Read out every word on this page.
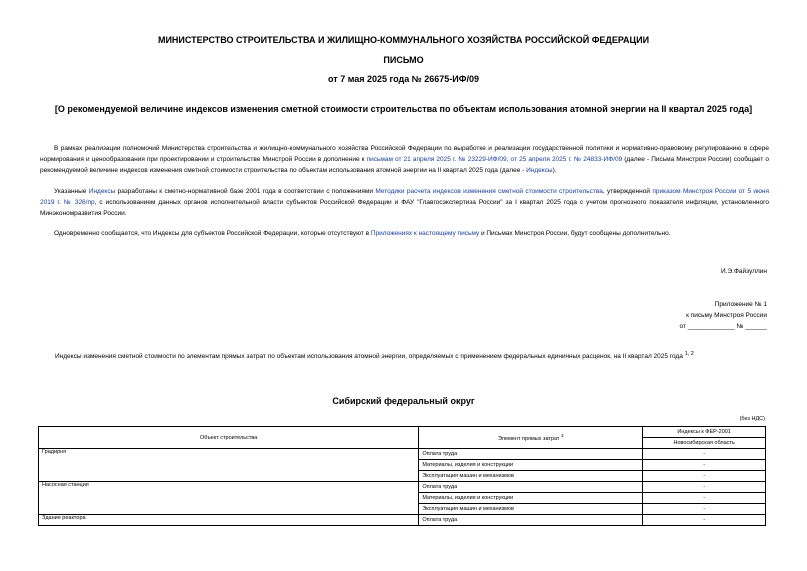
МИНИСТЕРСТВО СТРОИТЕЛЬСТВА И ЖИЛИЩНО-КОММУНАЛЬНОГО ХОЗЯЙСТВА РОССИЙСКОЙ ФЕДЕРАЦИИ
ПИСЬМО
от 7 мая 2025 года № 26675-ИФ/09
[О рекомендуемой величине индексов изменения сметной стоимости строительства по объектам использования атомной энергии на II квартал 2025 года]
В рамках реализации полномочий Министерства строительства и жилищно-коммунального хозяйства Российской Федерации по выработке и реализации государственной политики и нормативно-правовому регулированию в сфере нормирования и ценообразования при проектировании и строительстве Минстрой России в дополнение к письмам от 21 апреля 2025 г. № 23229-ИФ/09, от 25 апреля 2025 г. № 24833-ИФ/09 (далее - Письма Минстроя России) сообщает о рекомендуемой величине индексов изменения сметной стоимости строительства по объектам использования атомной энергии на II квартал 2025 года (далее - Индексы).
Указанные Индексы разработаны к сметно-нормативной базе 2001 года в соответствии с положениями Методики расчета индексов изменения сметной стоимости строительства, утвержденной приказом Минстроя России от 5 июня 2019 г. № 326/пр, с использованием данных органов исполнительной власти субъектов Российской Федерации и ФАУ "Главгосэкспертиза России" за I квартал 2025 года с учетом прогнозного показателя инфляции, установленного Минэкономразвития России.
Одновременно сообщается, что Индексы для субъектов Российской Федерации, которые отсутствуют в Приложениях к настоящему письму и Письмах Минстроя России, будут сообщены дополнительно.
И.Э.Файзуллин
Приложение № 1
к письму Минстроя России
от _____________ № ______
Индексы изменения сметной стоимости по элементам прямых затрат по объектам использования атомной энергии, определяемых с применением федеральных единичных расценок, на II квартал 2025 года $^{1, 2}$
Сибирский федеральный округ
(без НДС)
Объект строительства	Элемент прямых затрат $^3$	Индексы к ФЕР-2001
		Новосибирская область
Градирня	Оплата труда	-
	Материалы, изделия и конструкции	-
	Эксплуатация машин и механизмов	-
Насосная станция	Оплата труда	-
	Материалы, изделия и конструкции	-
	Эксплуатация машин и механизмов	-
Здание реактора	Оплата труда	-
